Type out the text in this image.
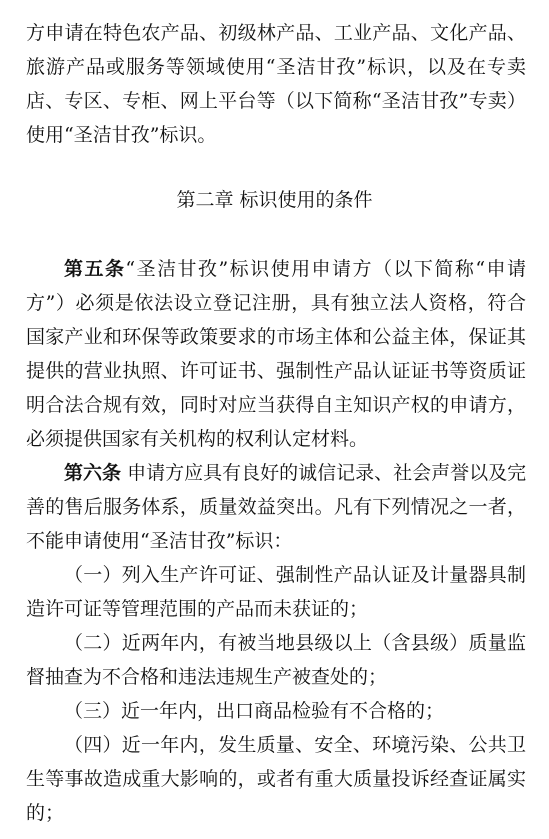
方申请在特色农产品、初级林产品、工业产品、文化产品、
旅游产品或服务等领域使用“圣洁甘孜”标识，以及在专卖
店、专区、专柜、网上平台等（以下简称“圣洁甘孜”专卖）
使用“圣洁甘孜”标识。
第二章 标识使用的条件
第五条“圣洁甘孜”标识使用申请方（以下简称“申请
方”）必须是依法设立登记注册，具有独立法人资格，符合
国家产业和环保等政策要求的市场主体和公益主体，保证其
提供的营业执照、许可证书、强制性产品认证证书等资质证
明合法合规有效，同时对应当获得自主知识产权的申请方，
必须提供国家有关机构的权利认定材料。
第六条 申请方应具有良好的诚信记录、社会声誉以及完
善的售后服务体系，质量效益突出。凡有下列情况之一者，
不能申请使用“圣洁甘孜”标识：
（一）列入生产许可证、强制性产品认证及计量器具制
造许可证等管理范围的产品而未获证的；
（二）近两年内，有被当地县级以上（含县级）质量监
督抽查为不合格和违法违规生产被查处的；
（三）近一年内，出口商品检验有不合格的；
（四）近一年内，发生质量、安全、环境污染、公共卫
生等事故造成重大影响的，或者有重大质量投诉经查证属实
的；
